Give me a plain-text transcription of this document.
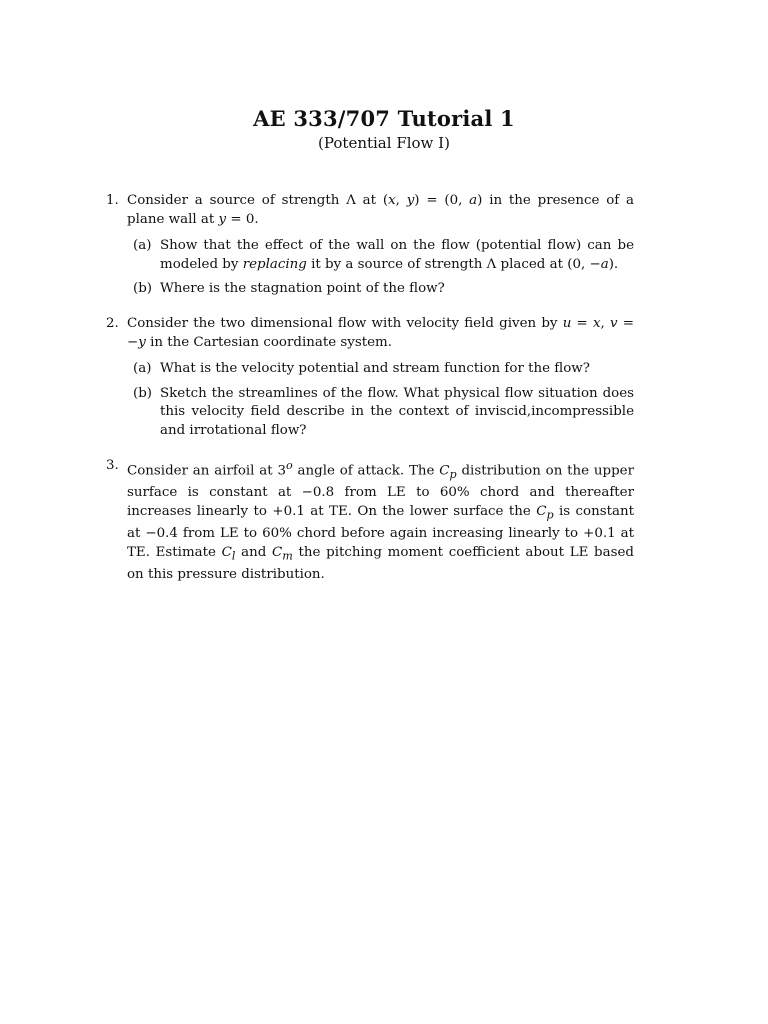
AE 333/707 Tutorial 1
(Potential Flow I)
1. Consider a source of strength Λ at (x, y) = (0, a) in the presence of a plane wall at y = 0.
(a) Show that the effect of the wall on the flow (potential flow) can be modeled by replacing it by a source of strength Λ placed at (0, −a).
(b) Where is the stagnation point of the flow?
2. Consider the two dimensional flow with velocity field given by u = x, v = −y in the Cartesian coordinate system.
(a) What is the velocity potential and stream function for the flow?
(b) Sketch the streamlines of the flow. What physical flow situation does this velocity field describe in the context of inviscid,incompressible and irrotational flow?
3. Consider an airfoil at 3$^o$ angle of attack. The $C_p$ distribution on the upper surface is constant at −0.8 from LE to 60% chord and thereafter increases linearly to +0.1 at TE. On the lower surface the $C_p$ is constant at −0.4 from LE to 60% chord before again increasing linearly to +0.1 at TE. Estimate $C_l$ and $C_m$ the pitching moment coefficient about LE based on this pressure distribution.
